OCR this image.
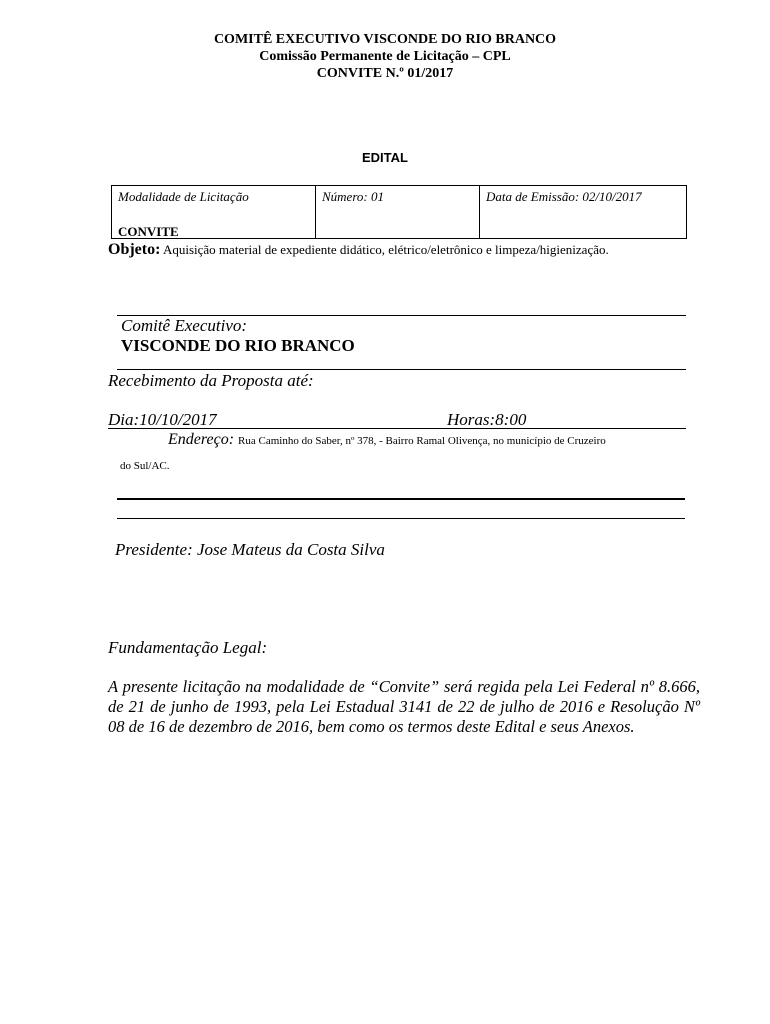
COMITÊ EXECUTIVO VISCONDE DO RIO BRANCO
Comissão Permanente de Licitação – CPL
CONVITE N.º 01/2017
EDITAL
Modalidade de Licitação
CONVITE
Número: 01	Data de Emissão: 02/10/2017
Objeto: Aquisição material de expediente didático, elétrico/eletrônico e limpeza/higienização.
Comitê Executivo:
VISCONDE DO RIO BRANCO
Recebimento da Proposta até:
Dia:10/10/2017	Horas:8:00
Endereço: Rua Caminho do Saber, nº 378, - Bairro Ramal Olivença, no município de Cruzeiro
do Sul/AC.
Presidente: Jose Mateus da Costa Silva
Fundamentação Legal:
A presente licitação na modalidade de “Convite” será regida pela Lei Federal nº 8.666, de 21 de junho de 1993, pela Lei Estadual 3141 de 22 de julho de 2016 e Resolução Nº 08 de 16 de dezembro de 2016, bem como os termos deste Edital e seus Anexos.
